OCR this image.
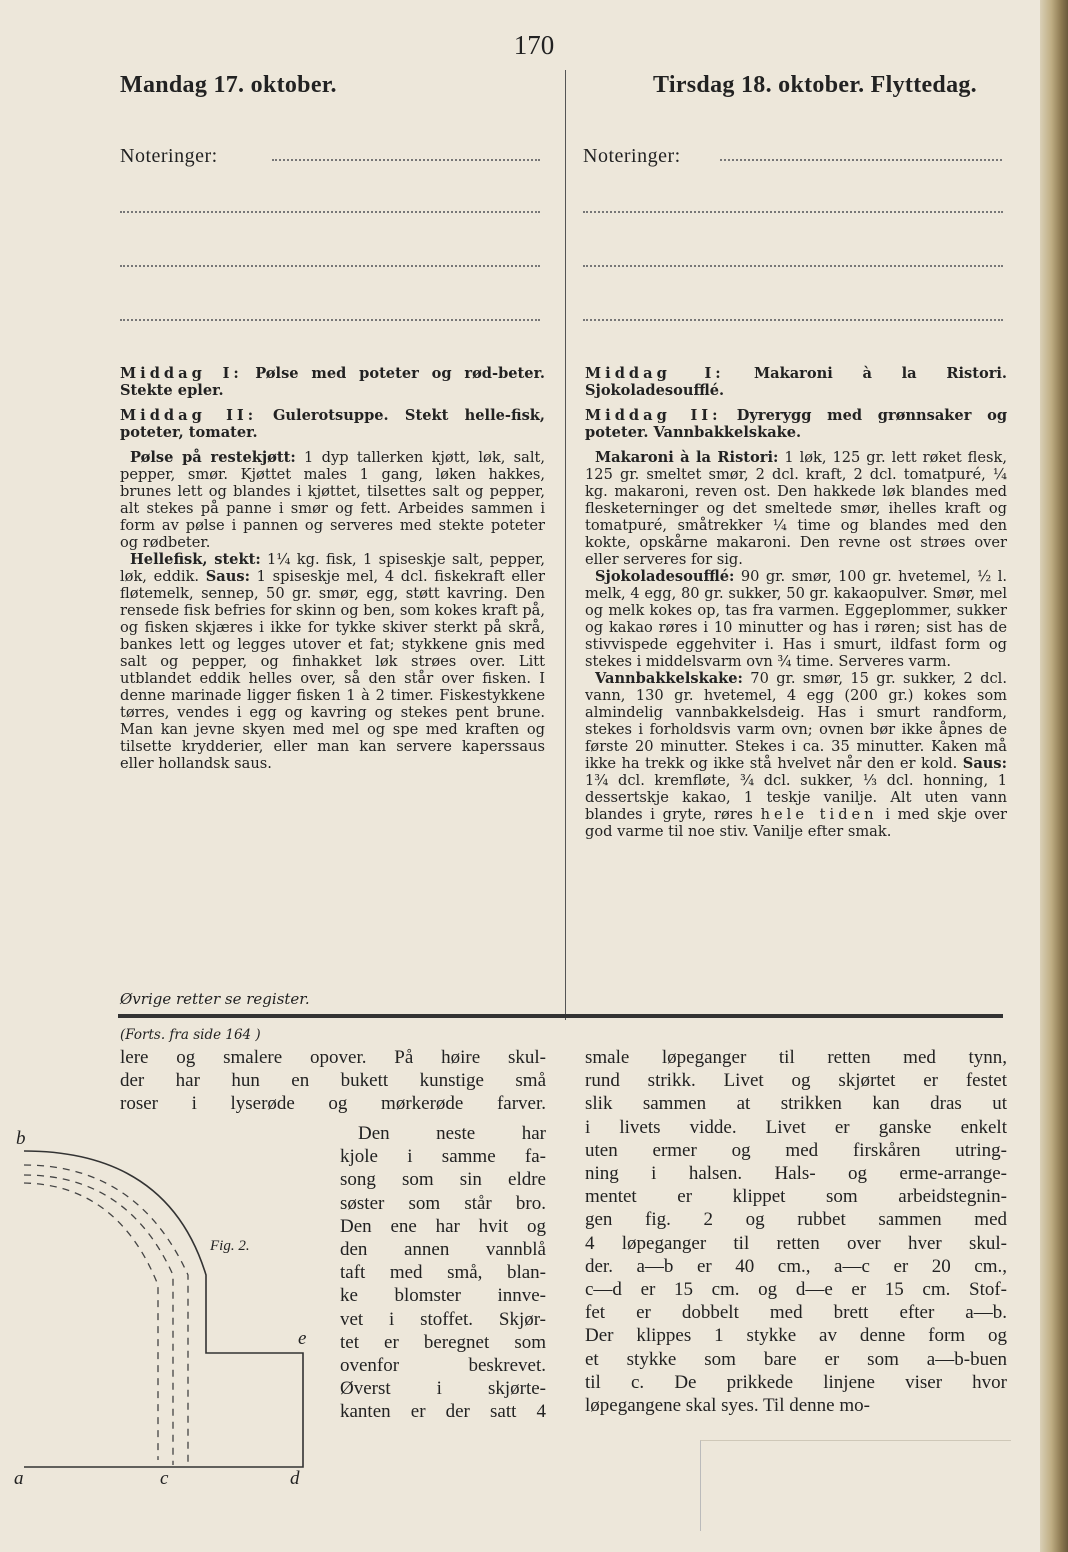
170
Mandag 17. oktober.	Tirsdag 18. oktober. Flyttedag.
Noteringer:	Noteringer:

Middag I: Pølse med poteter og rød-beter. Stekte epler.

Middag II: Gulerotsuppe. Stekt helle-fisk, poteter, tomater.

Pølse på restekjøtt: 1 dyp tallerken kjøtt, løk, salt, pepper, smør. Kjøttet males 1 gang, løken hakkes, brunes lett og blandes i kjøttet, tilsettes salt og pepper, alt stekes på panne i smør og fett. Arbeides sammen i form av pølse i pannen og serveres med stekte poteter og rødbeter.

Hellefisk, stekt: 1¼ kg. fisk, 1 spiseskje salt, pepper, løk, eddik. Saus: 1 spiseskje mel, 4 dcl. fiskekraft eller fløtemelk, sennep, 50 gr. smør, egg, støtt kavring. Den rensede fisk befries for skinn og ben, som kokes kraft på, og fisken skjæres i ikke for tykke skiver sterkt på skrå, bankes lett og legges utover et fat; stykkene gnis med salt og pepper, og finhakket løk strøes over. Litt utblandet eddik helles over, så den står over fisken. I denne marinade ligger fisken 1 à 2 timer. Fiskestykkene tørres, vendes i egg og kavring og stekes pent brune. Man kan jevne skyen med mel og spe med kraften og tilsette krydderier, eller man kan servere kaperssaus eller hollandsk saus.

Øvrige retter se register.

Middag I: Makaroni à la Ristori. Sjokoladesoufflé.

Middag II: Dyrerygg med grønnsaker og poteter. Vannbakkelskake.

Makaroni à la Ristori: 1 løk, 125 gr. lett røket flesk, 125 gr. smeltet smør, 2 dcl. kraft, 2 dcl. tomatpuré, ¼ kg. makaroni, reven ost. Den hakkede løk blandes med flesketerninger og det smeltede smør, ihelles kraft og tomatpuré, småtrekker ¼ time og blandes med den kokte, opskårne makaroni. Den revne ost strøes over eller serveres for sig.

Sjokoladesoufflé: 90 gr. smør, 100 gr. hvetemel, ½ l. melk, 4 egg, 80 gr. sukker, 50 gr. kakaopulver. Smør, mel og melk kokes op, tas fra varmen. Eggeplommer, sukker og kakao røres i 10 minutter og has i røren; sist has de stivvispede eggehviter i. Has i smurt, ildfast form og stekes i middelsvarm ovn ¾ time. Serveres varm.

Vannbakkelskake: 70 gr. smør, 15 gr. sukker, 2 dcl. vann, 130 gr. hvetemel, 4 egg (200 gr.) kokes som almindelig vannbakkelsdeig. Has i smurt randform, stekes i forholdsvis varm ovn; ovnen bør ikke åpnes de første 20 minutter. Stekes i ca. 35 minutter. Kaken må ikke ha trekk og ikke stå hvelvet når den er kold. Saus: 1¾ dcl. kremfløte, ¾ dcl. sukker, ⅓ dcl. honning, 1 dessertskje kakao, 1 teskje vanilje. Alt uten vann blandes i gryte, røres hele tiden i med skje over god varme til noe stiv. Vanilje efter smak.

(Forts. fra side 164 )
lere og smalere opover. På høire skul-
der har hun en bukett kunstige små
roser i lyserøde og mørkerøde farver.
Den neste har
kjole i samme fa-
song som sin eldre
søster som står bro.
Den ene har hvit og
den annen vannblå
taft med små, blan-
ke blomster innve-
vet i stoffet. Skjør-
tet er beregnet som
ovenfor beskrevet.
Øverst i skjørte-
kanten er der satt 4
smale løpeganger til retten med tynn,
rund strikk. Livet og skjørtet er festet
slik sammen at strikken kan dras ut
i livets vidde. Livet er ganske enkelt
uten ermer og med firskåren utring-
ning i halsen. Hals- og erme-arrange-
mentet er klippet som arbeidstegnin-
gen fig. 2 og rubbet sammen med
4 løpeganger til retten over hver skul-
der. a—b er 40 cm., a—c er 20 cm.,
c—d er 15 cm. og d—e er 15 cm. Stof-
fet er dobbelt med brett efter a—b.
Der klippes 1 stykke av denne form og
et stykke som bare er som a—b-buen
til c. De prikkede linjene viser hvor
løpegangene skal syes. Til denne mo-
b
e
a	c	d
Fig. 2.
